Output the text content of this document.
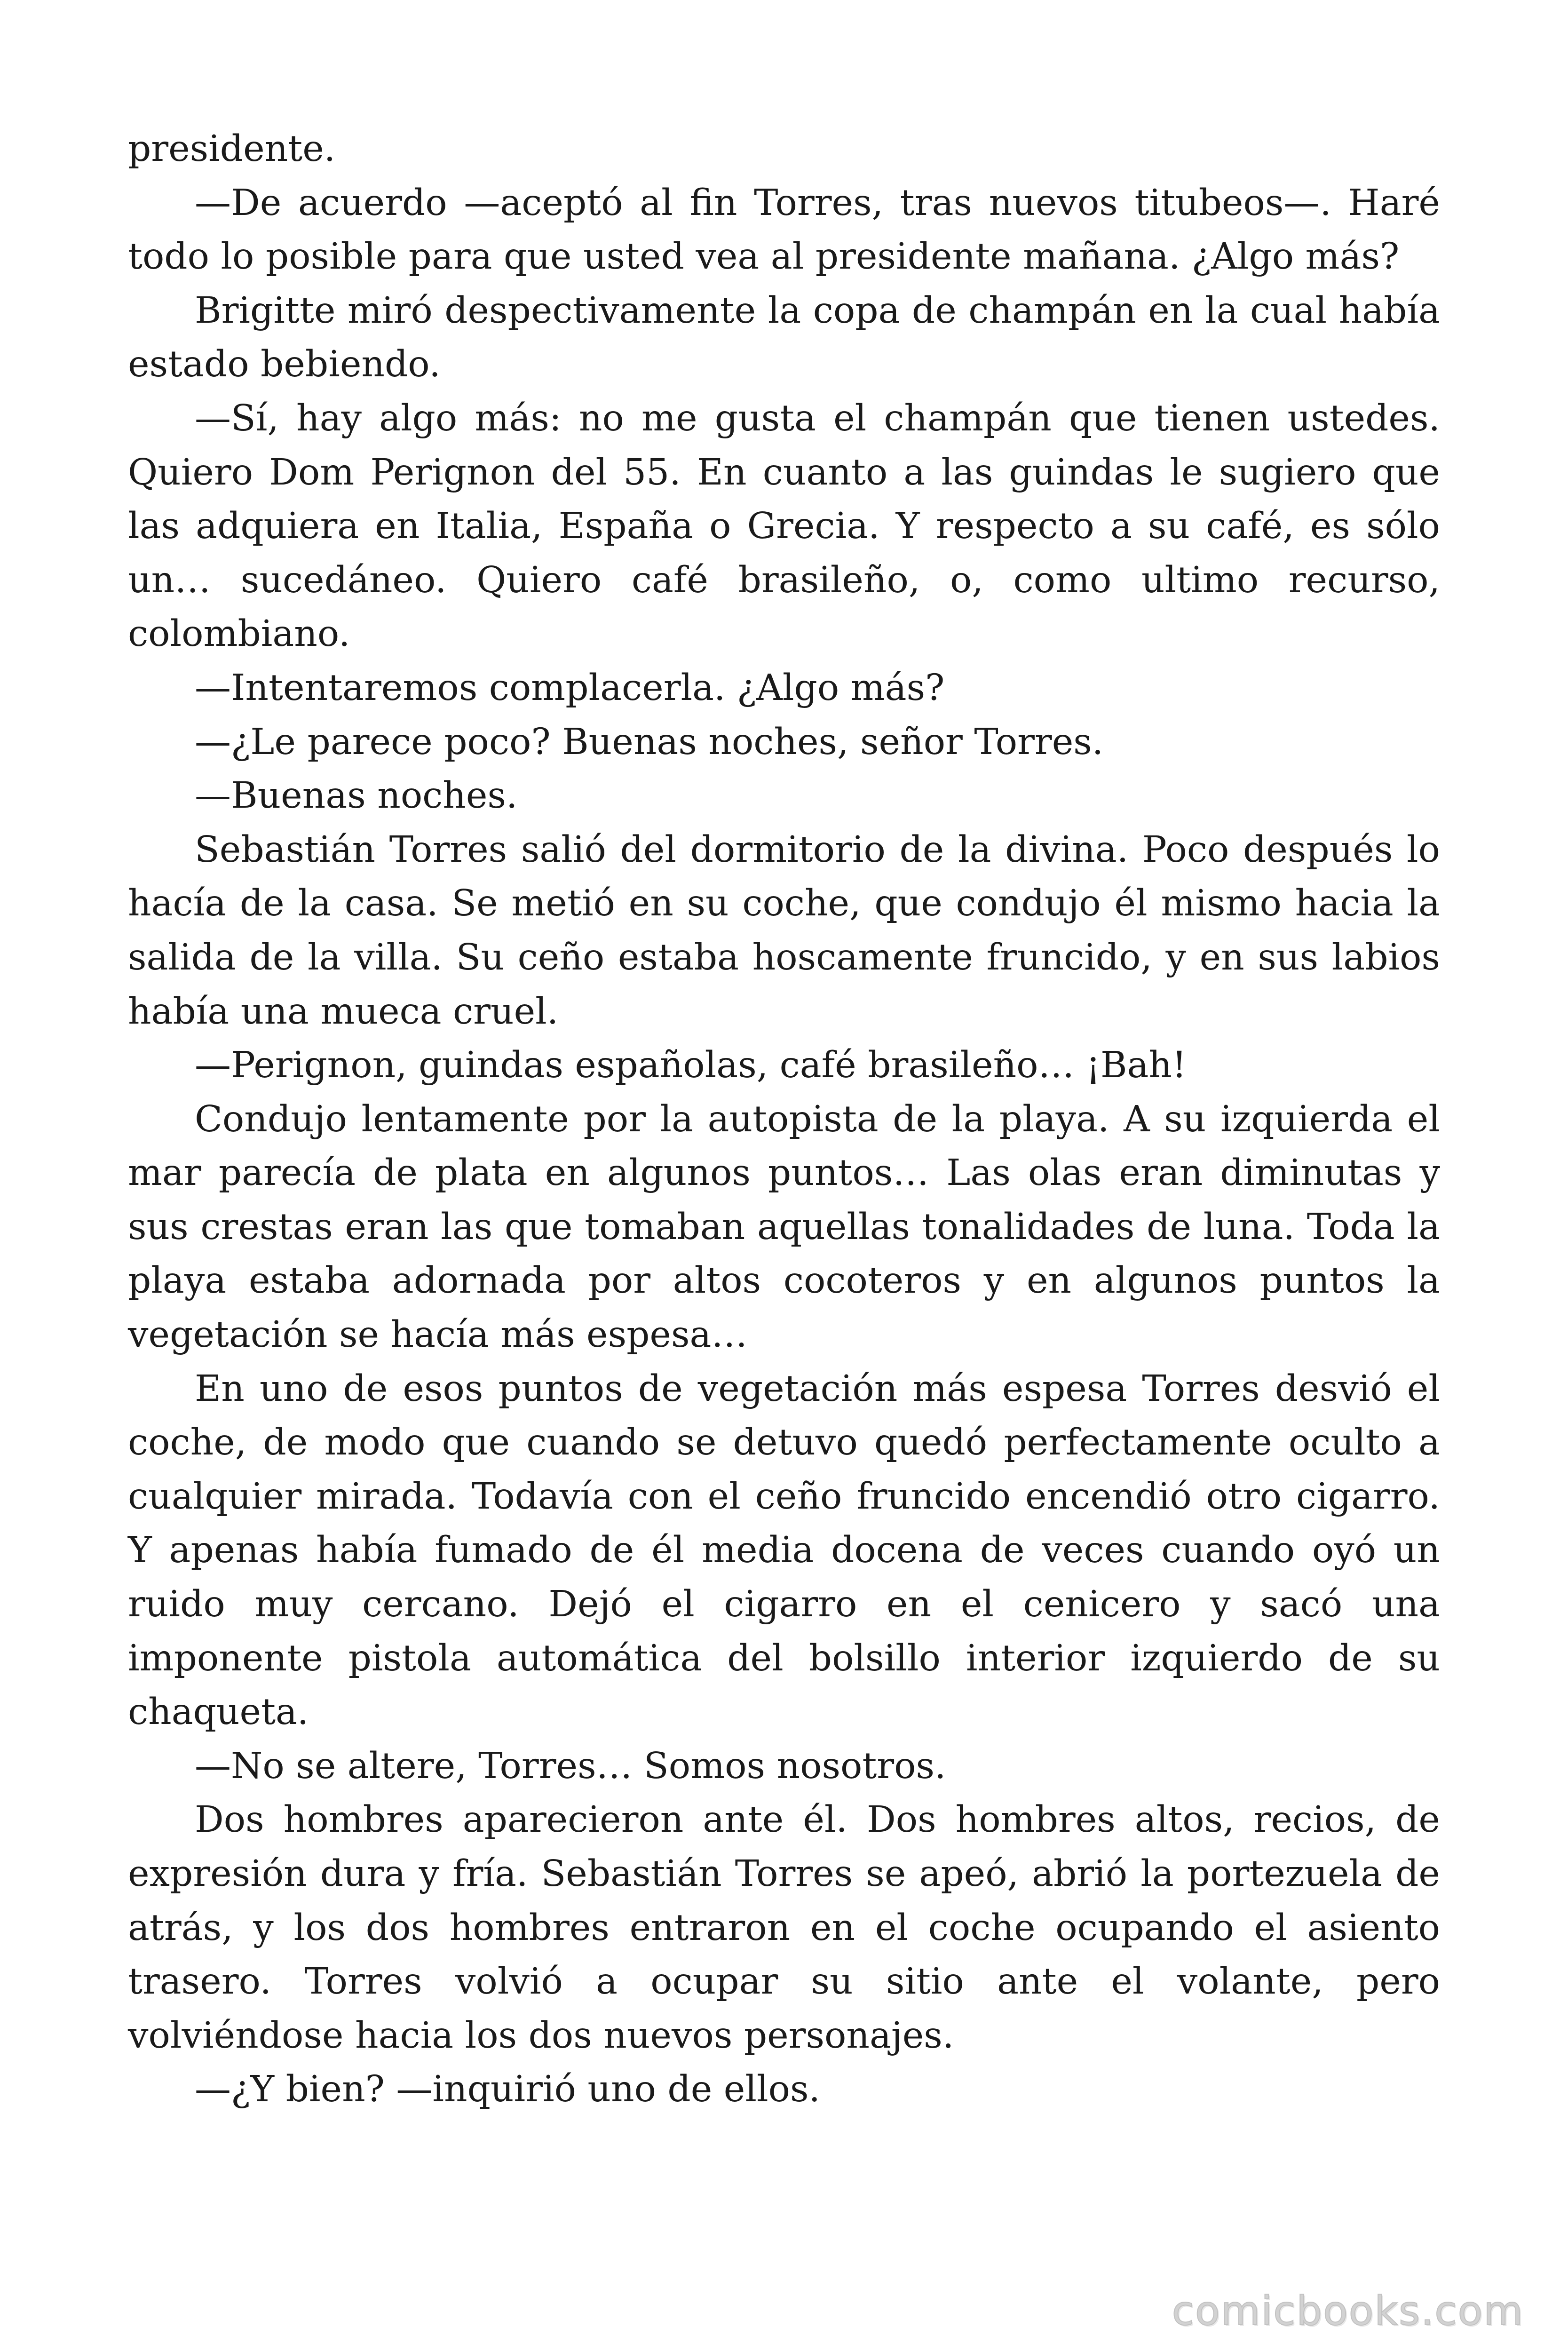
presidente.

—De acuerdo —aceptó al fin Torres, tras nuevos titubeos—. Haré todo lo posible para que usted vea al presidente mañana. ¿Algo más?

Brigitte miró despectivamente la copa de champán en la cual había estado bebiendo.

—Sí, hay algo más: no me gusta el champán que tienen ustedes. Quiero Dom Perignon del 55. En cuanto a las guindas le sugiero que las adquiera en Italia, España o Grecia. Y respecto a su café, es sólo un… sucedáneo. Quiero café brasileño, o, como ultimo recurso, colombiano.

—Intentaremos complacerla. ¿Algo más?

—¿Le parece poco? Buenas noches, señor Torres.

—Buenas noches.

Sebastián Torres salió del dormitorio de la divina. Poco después lo hacía de la casa. Se metió en su coche, que condujo él mismo hacia la salida de la villa. Su ceño estaba hoscamente fruncido, y en sus labios había una mueca cruel.

—Perignon, guindas españolas, café brasileño… ¡Bah!

Condujo lentamente por la autopista de la playa. A su izquierda el mar parecía de plata en algunos puntos… Las olas eran diminutas y sus crestas eran las que tomaban aquellas tonalidades de luna. Toda la playa estaba adornada por altos cocoteros y en algunos puntos la vegetación se hacía más espesa…

En uno de esos puntos de vegetación más espesa Torres desvió el coche, de modo que cuando se detuvo quedó perfectamente oculto a cualquier mirada. Todavía con el ceño fruncido encendió otro cigarro. Y apenas había fumado de él media docena de veces cuando oyó un ruido muy cercano. Dejó el cigarro en el cenicero y sacó una imponente pistola automática del bolsillo interior izquierdo de su chaqueta.

—No se altere, Torres… Somos nosotros.

Dos hombres aparecieron ante él. Dos hombres altos, recios, de expresión dura y fría. Sebastián Torres se apeó, abrió la portezuela de atrás, y los dos hombres entraron en el coche ocupando el asiento trasero. Torres volvió a ocupar su sitio ante el volante, pero volviéndose hacia los dos nuevos personajes.

—¿Y bien? —inquirió uno de ellos.

comicbooks.com
